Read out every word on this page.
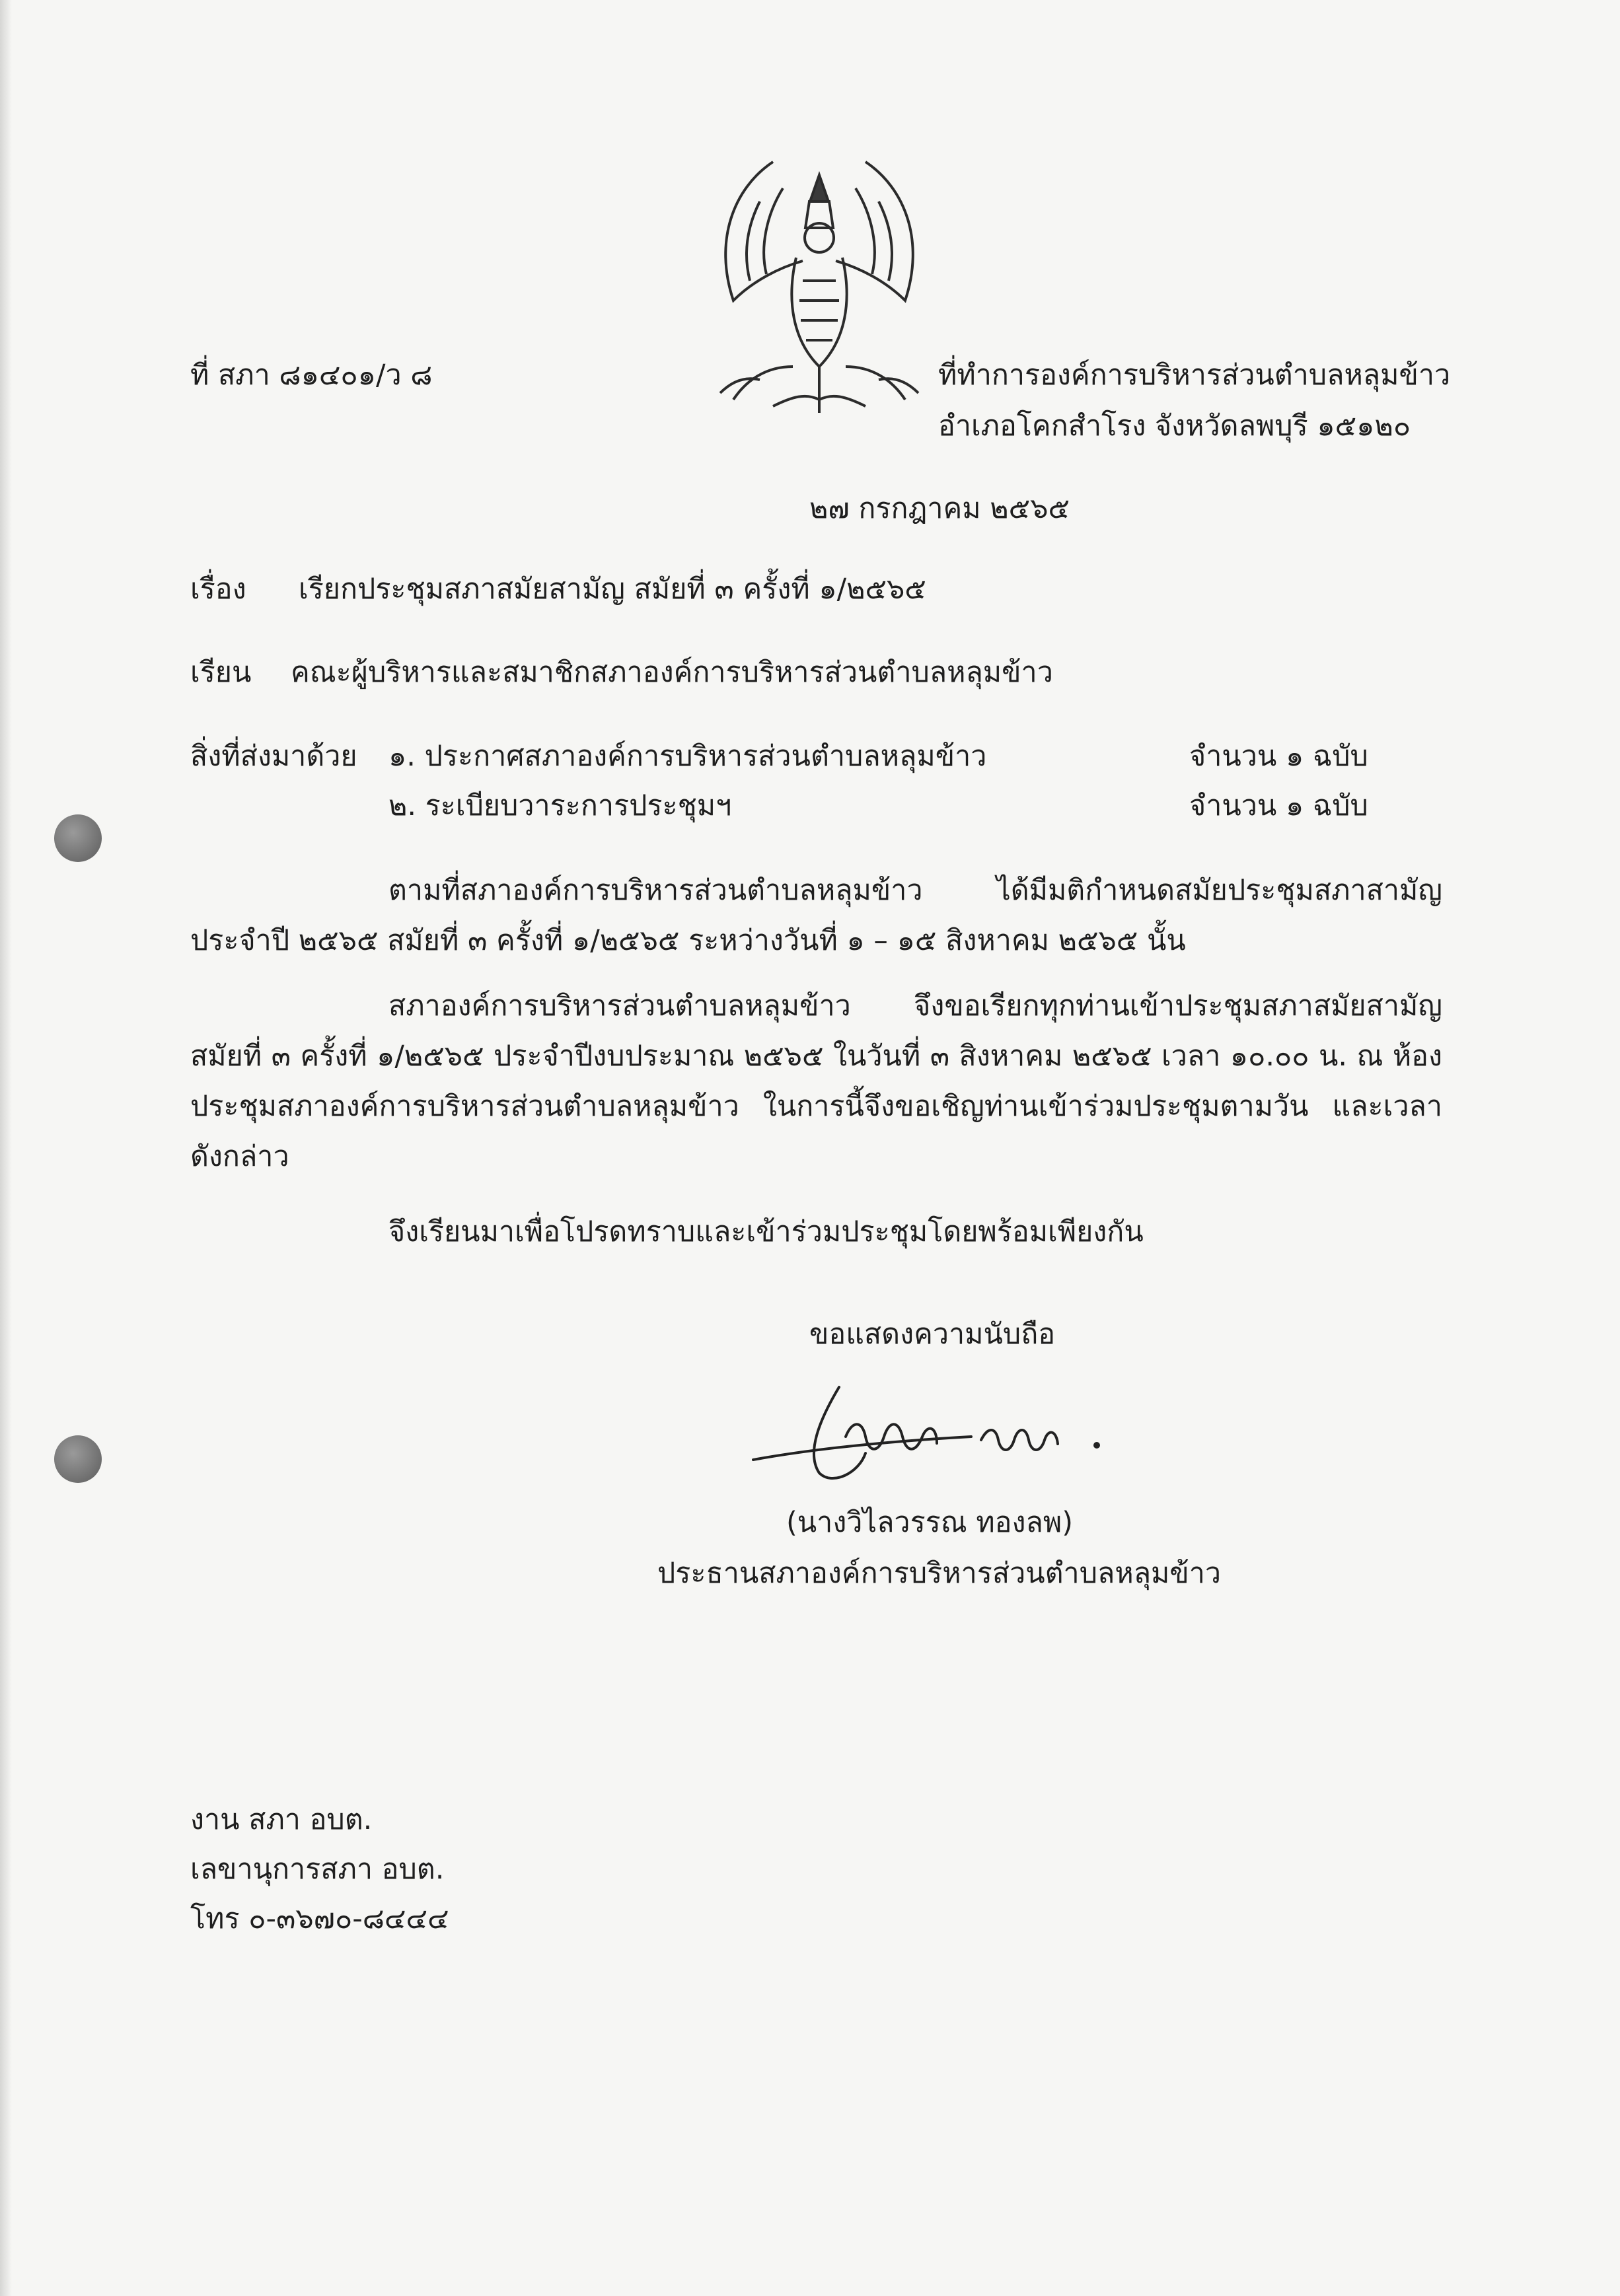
ที่ สภา ๘๑๔๐๑/ว ๘	ที่ทำการองค์การบริหารส่วนตำบลหลุมข้าว
อำเภอโคกสำโรง จังหวัดลพบุรี ๑๕๑๒๐
๒๗ กรกฎาคม ๒๕๖๕
เรื่อง เรียกประชุมสภาสมัยสามัญ สมัยที่ ๓ ครั้งที่ ๑/๒๕๖๕
เรียน คณะผู้บริหารและสมาชิกสภาองค์การบริหารส่วนตำบลหลุมข้าว
สิ่งที่ส่งมาด้วย ๑. ประกาศสภาองค์การบริหารส่วนตำบลหลุมข้าว	จำนวน ๑ ฉบับ
๒. ระเบียบวาระการประชุมฯ	จำนวน ๑ ฉบับ
ตามที่สภาองค์การบริหารส่วนตำบลหลุมข้าว ได้มีมติกำหนดสมัยประชุมสภาสามัญประจำปี ๒๕๖๕ สมัยที่ ๓ ครั้งที่ ๑/๒๕๖๕ ระหว่างวันที่ ๑ – ๑๕ สิงหาคม ๒๕๖๕ นั้น
สภาองค์การบริหารส่วนตำบลหลุมข้าว จึงขอเรียกทุกท่านเข้าประชุมสภาสมัยสามัญ สมัยที่ ๓ ครั้งที่ ๑/๒๕๖๕ ประจำปีงบประมาณ ๒๕๖๕ ในวันที่ ๓ สิงหาคม ๒๕๖๕ เวลา ๑๐.๐๐ น. ณ ห้องประชุมสภาองค์การบริหารส่วนตำบลหลุมข้าว ในการนี้จึงขอเชิญท่านเข้าร่วมประชุมตามวัน และเวลา ดังกล่าว
จึงเรียนมาเพื่อโปรดทราบและเข้าร่วมประชุมโดยพร้อมเพียงกัน
ขอแสดงความนับถือ
(นางวิไลวรรณ ทองลพ)
ประธานสภาองค์การบริหารส่วนตำบลหลุมข้าว
งาน สภา อบต.
เลขานุการสภา อบต.
โทร ๐-๓๖๗๐-๘๔๔๔
